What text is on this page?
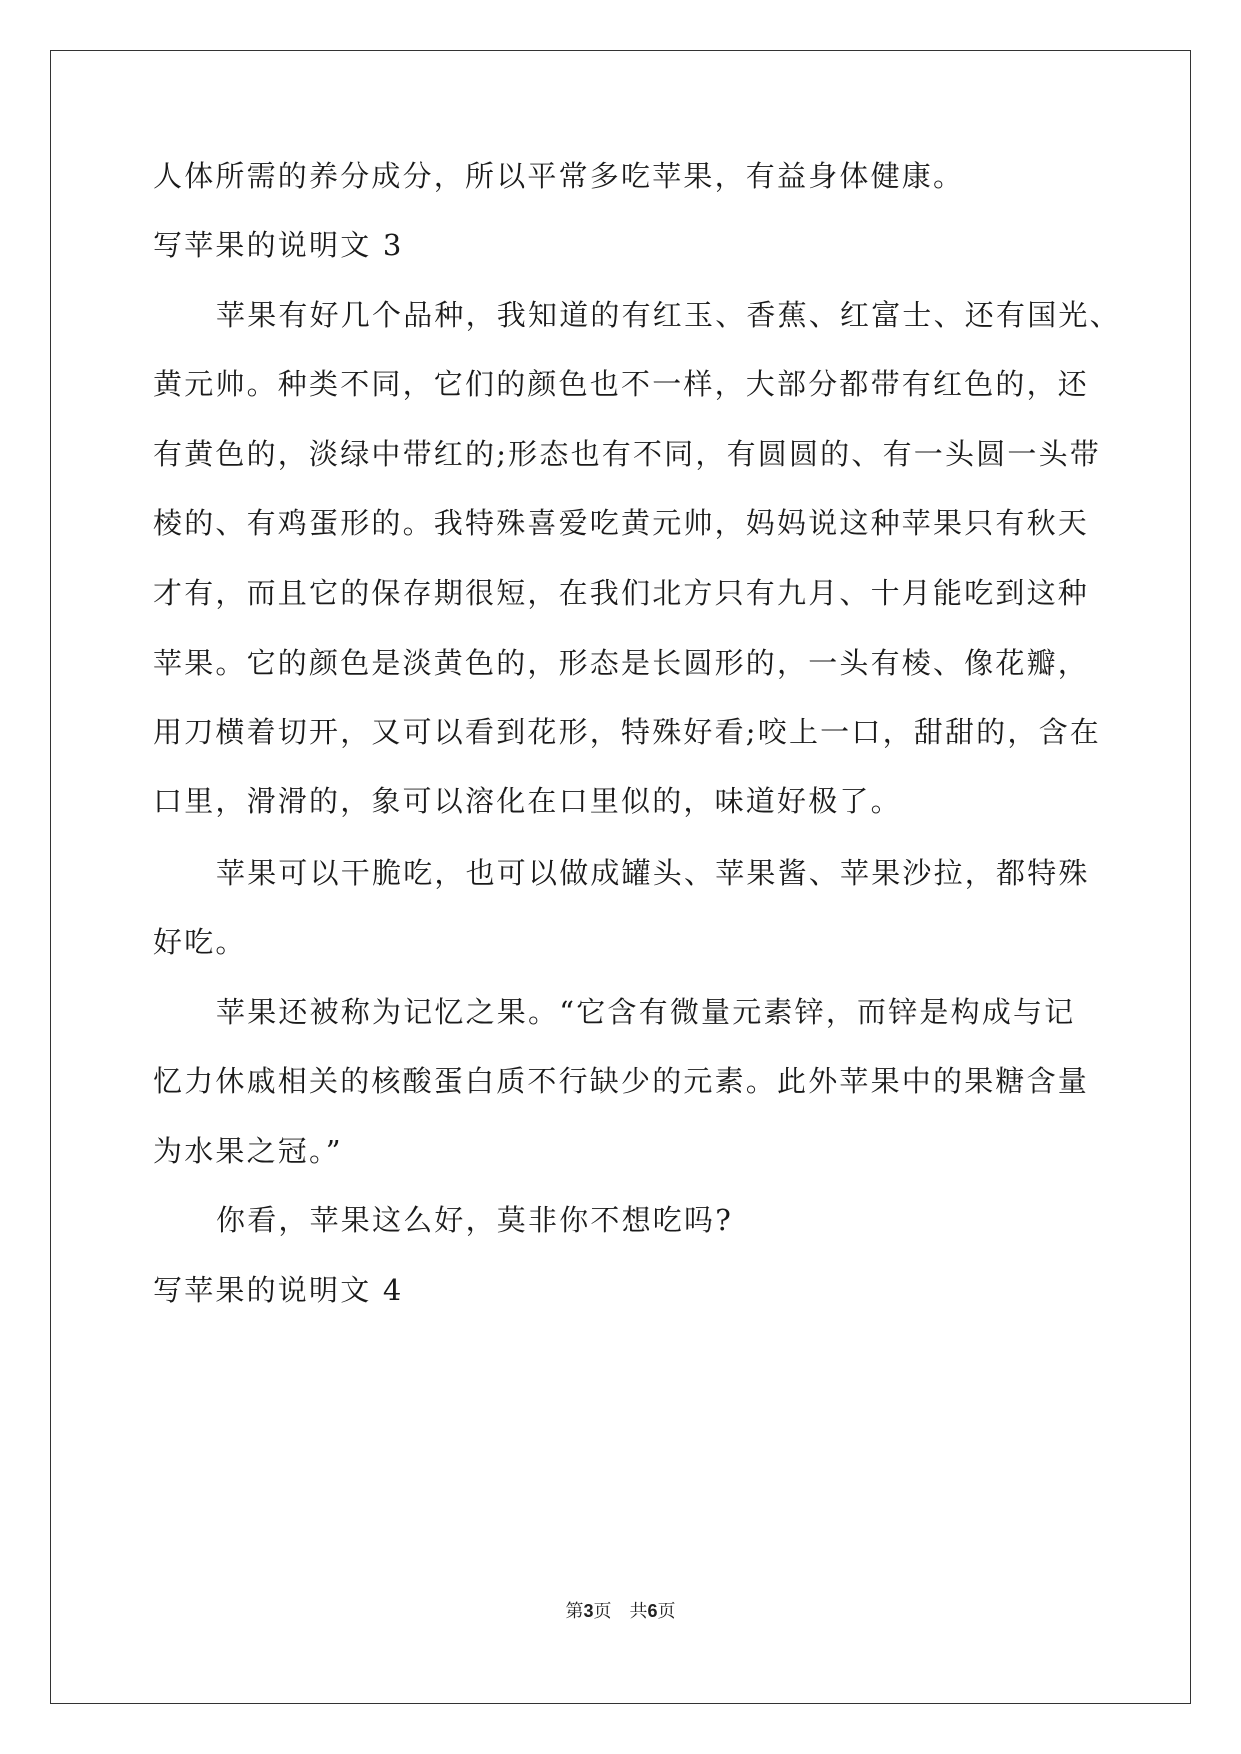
人体所需的养分成分，所以平常多吃苹果，有益身体健康。
写苹果的说明文 3
苹果有好几个品种，我知道的有红玉、香蕉、红富士、还有国光、
黄元帅。种类不同，它们的颜色也不一样，大部分都带有红色的，还
有黄色的，淡绿中带红的;形态也有不同，有圆圆的、有一头圆一头带
棱的、有鸡蛋形的。我特殊喜爱吃黄元帅，妈妈说这种苹果只有秋天
才有，而且它的保存期很短，在我们北方只有九月、十月能吃到这种
苹果。它的颜色是淡黄色的，形态是长圆形的，一头有棱、像花瓣，
用刀横着切开，又可以看到花形，特殊好看;咬上一口，甜甜的，含在
口里，滑滑的，象可以溶化在口里似的，味道好极了。
苹果可以干脆吃，也可以做成罐头、苹果酱、苹果沙拉，都特殊
好吃。
苹果还被称为记忆之果。“它含有微量元素锌，而锌是构成与记
忆力休戚相关的核酸蛋白质不行缺少的元素。此外苹果中的果糖含量
为水果之冠。”
你看，苹果这么好，莫非你不想吃吗?
写苹果的说明文 4
第3页　共6页
